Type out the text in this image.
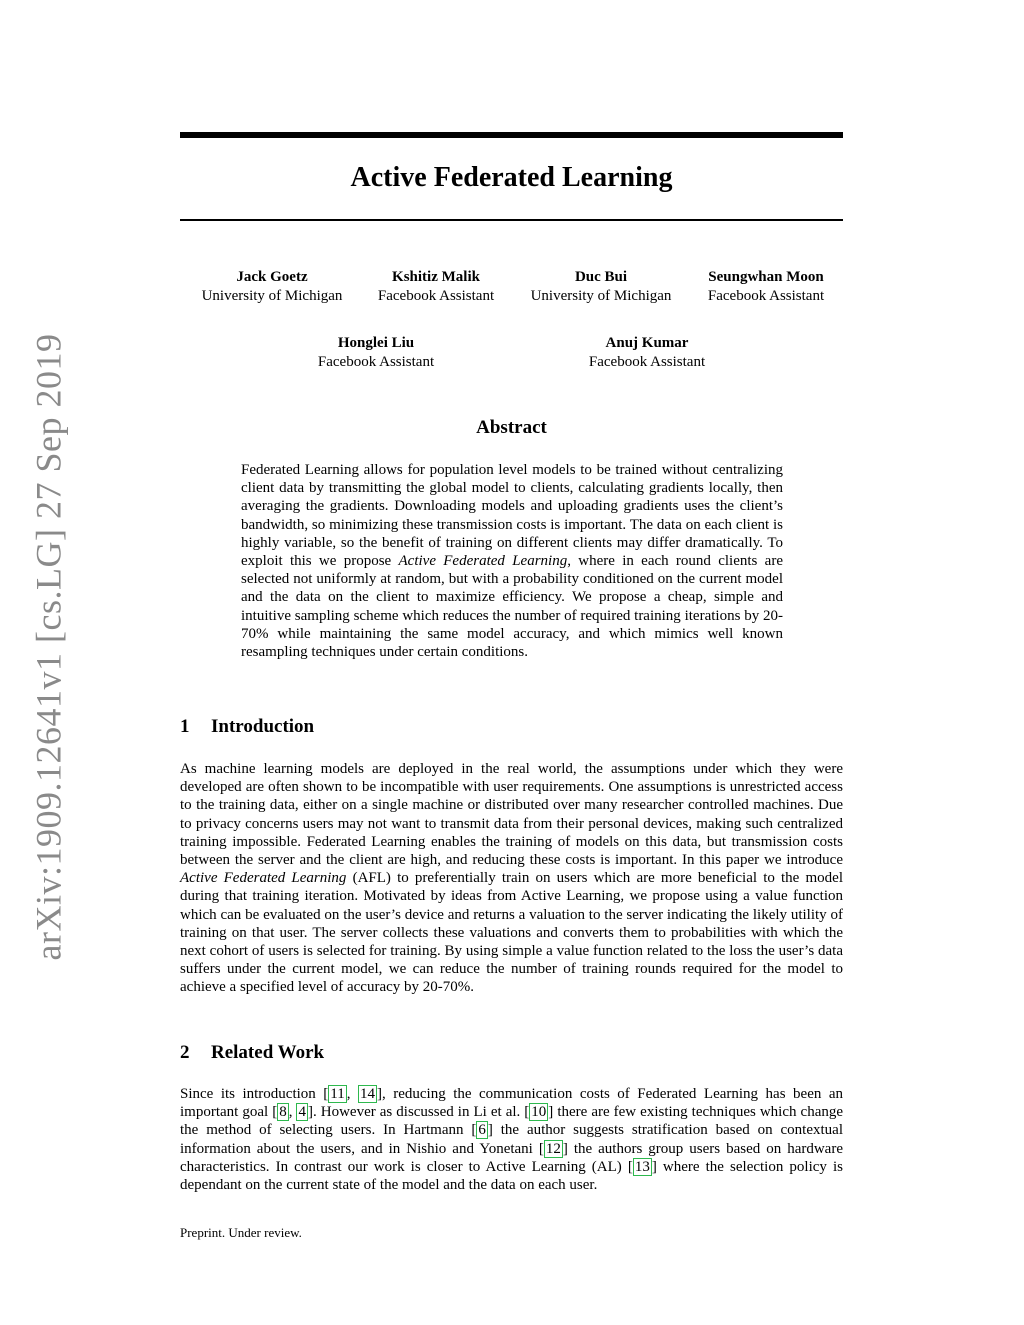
arXiv:1909.12641v1 [cs.LG] 27 Sep 2019
Active Federated Learning
Jack Goetz
University of Michigan
Kshitiz Malik
Facebook Assistant
Duc Bui
University of Michigan
Seungwhan Moon
Facebook Assistant
Honglei Liu
Facebook Assistant
Anuj Kumar
Facebook Assistant
Abstract
Federated Learning allows for population level models to be trained without centralizing client data by transmitting the global model to clients, calculating gradients locally, then averaging the gradients. Downloading models and uploading gradients uses the client’s bandwidth, so minimizing these transmission costs is important. The data on each client is highly variable, so the benefit of training on different clients may differ dramatically. To exploit this we propose Active Federated Learning, where in each round clients are selected not uniformly at random, but with a probability conditioned on the current model and the data on the client to maximize efficiency. We propose a cheap, simple and intuitive sampling scheme which reduces the number of required training iterations by 20-70% while maintaining the same model accuracy, and which mimics well known resampling techniques under certain conditions.
1 Introduction
As machine learning models are deployed in the real world, the assumptions under which they were developed are often shown to be incompatible with user requirements. One assumptions is unrestricted access to the training data, either on a single machine or distributed over many researcher controlled machines. Due to privacy concerns users may not want to transmit data from their personal devices, making such centralized training impossible. Federated Learning enables the training of models on this data, but transmission costs between the server and the client are high, and reducing these costs is important. In this paper we introduce Active Federated Learning (AFL) to preferentially train on users which are more beneficial to the model during that training iteration. Motivated by ideas from Active Learning, we propose using a value function which can be evaluated on the user’s device and returns a valuation to the server indicating the likely utility of training on that user. The server collects these valuations and converts them to probabilities with which the next cohort of users is selected for training. By using simple a value function related to the loss the user’s data suffers under the current model, we can reduce the number of training rounds required for the model to achieve a specified level of accuracy by 20-70%.
2 Related Work
Since its introduction [ 11 , 14 ], reducing the communication costs of Federated Learning has been an important goal [ 8 , 4 ]. However as discussed in Li et al. [ 10 ] there are few existing techniques which change the method of selecting users. In Hartmann [ 6 ] the author suggests stratification based on contextual information about the users, and in Nishio and Yonetani [ 12 ] the authors group users based on hardware characteristics. In contrast our work is closer to Active Learning (AL) [ 13 ] where the selection policy is dependant on the current state of the model and the data on each user.
Preprint. Under review.
